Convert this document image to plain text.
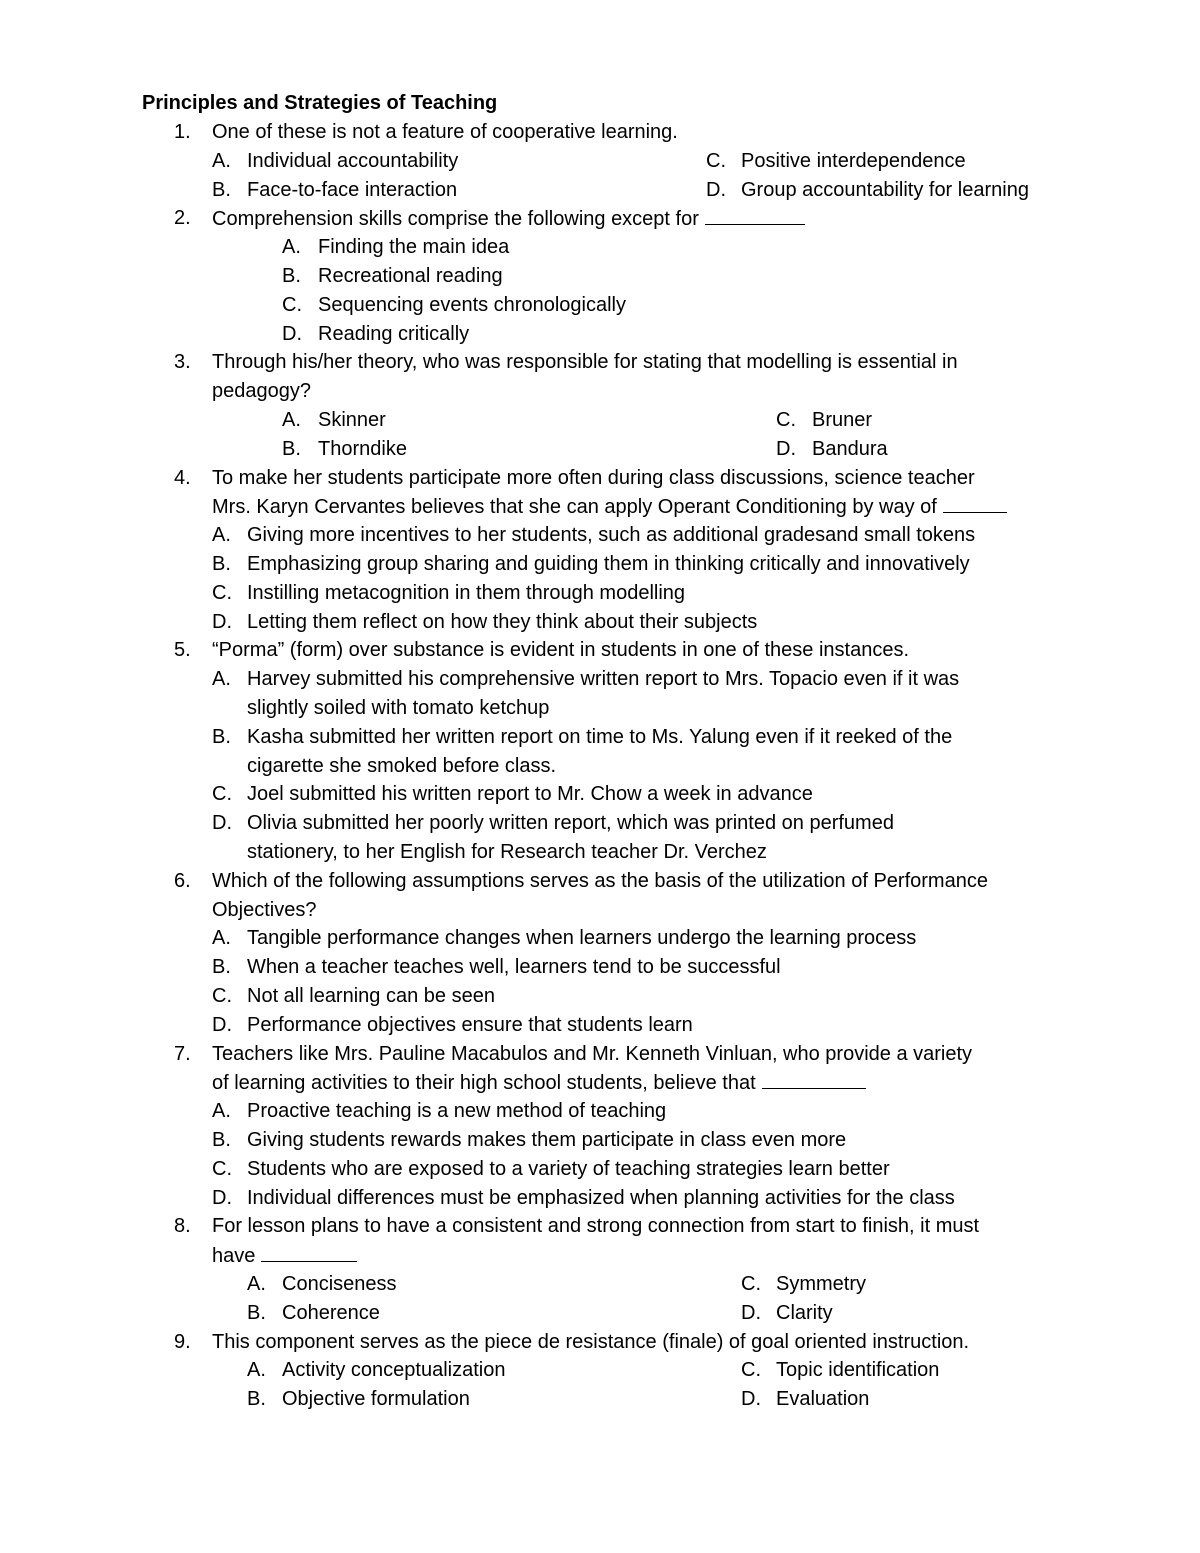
Principles and Strategies of Teaching
1. One of these is not a feature of cooperative learning.
A. Individual accountability	C. Positive interdependence
B. Face-to-face interaction	D. Group accountability for learning
2. Comprehension skills comprise the following except for
A. Finding the main idea
B. Recreational reading
C. Sequencing events chronologically
D. Reading critically
3. Through his/her theory, who was responsible for stating that modelling is essential in
pedagogy?
A. Skinner	C. Bruner
B. Thorndike	D. Bandura
4. To make her students participate more often during class discussions, science teacher
Mrs. Karyn Cervantes believes that she can apply Operant Conditioning by way of
A. Giving more incentives to her students, such as additional gradesand small tokens
B. Emphasizing group sharing and guiding them in thinking critically and innovatively
C. Instilling metacognition in them through modelling
D. Letting them reflect on how they think about their subjects
5. “Porma” (form) over substance is evident in students in one of these instances.
A. Harvey submitted his comprehensive written report to Mrs. Topacio even if it was
slightly soiled with tomato ketchup
B. Kasha submitted her written report on time to Ms. Yalung even if it reeked of the
cigarette she smoked before class.
C. Joel submitted his written report to Mr. Chow a week in advance
D. Olivia submitted her poorly written report, which was printed on perfumed
stationery, to her English for Research teacher Dr. Verchez
6. Which of the following assumptions serves as the basis of the utilization of Performance
Objectives?
A. Tangible performance changes when learners undergo the learning process
B. When a teacher teaches well, learners tend to be successful
C. Not all learning can be seen
D. Performance objectives ensure that students learn
7. Teachers like Mrs. Pauline Macabulos and Mr. Kenneth Vinluan, who provide a variety
of learning activities to their high school students, believe that
A. Proactive teaching is a new method of teaching
B. Giving students rewards makes them participate in class even more
C. Students who are exposed to a variety of teaching strategies learn better
D. Individual differences must be emphasized when planning activities for the class
8. For lesson plans to have a consistent and strong connection from start to finish, it must
have
A. Conciseness	C. Symmetry
B. Coherence	D. Clarity
9. This component serves as the piece de resistance (finale) of goal oriented instruction.
A. Activity conceptualization	C. Topic identification
B. Objective formulation	D. Evaluation
